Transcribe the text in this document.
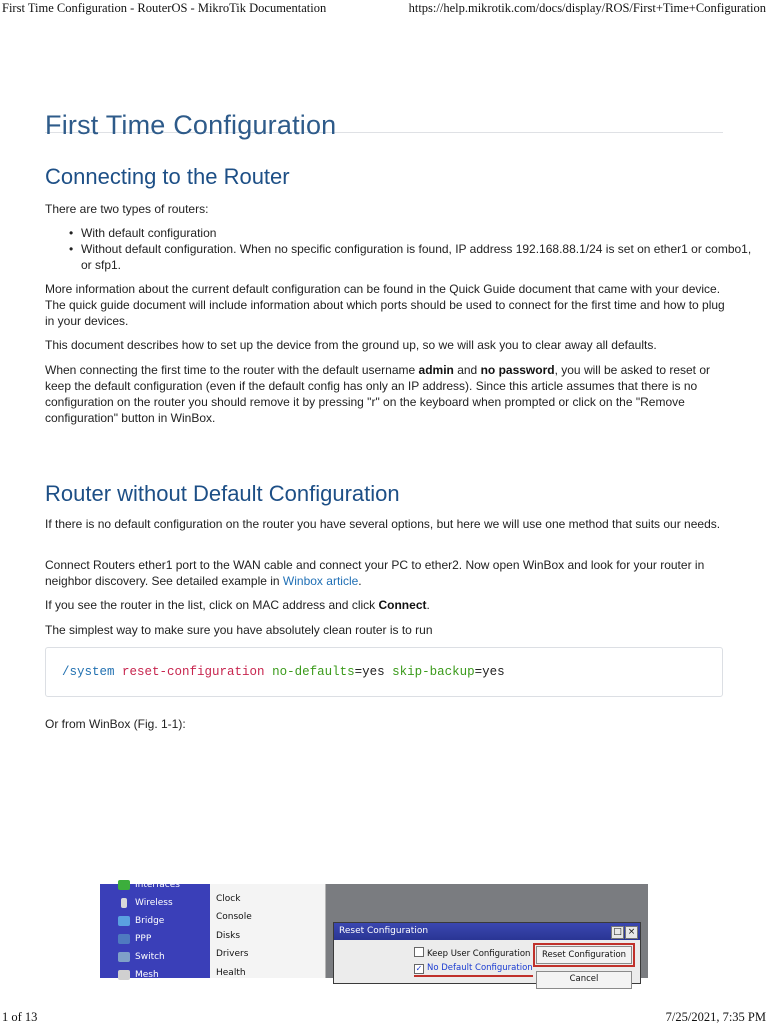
First Time Configuration - RouterOS - MikroTik Documentation	https://help.mikrotik.com/docs/display/ROS/First+Time+Configuration
First Time Configuration
Connecting to the Router

There are two types of routers:

• With default configuration
• Without default configuration. When no specific configuration is found, IP address 192.168.88.1/24 is set on ether1 or combo1, or sfp1.

More information about the current default configuration can be found in the Quick Guide document that came with your device. The quick guide document will include information about which ports should be used to connect for the first time and how to plug in your devices.

This document describes how to set up the device from the ground up, so we will ask you to clear away all defaults.

When connecting the first time to the router with the default username admin and no password, you will be asked to reset or keep the default configuration (even if the default config has only an IP address). Since this article assumes that there is no configuration on the router you should remove it by pressing "r" on the keyboard when prompted or click on the "Remove configuration" button in WinBox.

Router without Default Configuration

If there is no default configuration on the router you have several options, but here we will use one method that suits our needs.

Connect Routers ether1 port to the WAN cable and connect your PC to ether2. Now open WinBox and look for your router in neighbor discovery. See detailed example in Winbox article.

If you see the router in the list, click on MAC address and click Connect.

The simplest way to make sure you have absolutely clean router is to run

/system reset-configuration no-defaults=yes skip-backup=yes

Or from WinBox (Fig. 1-1):

Interfaces
Wireless
Bridge
PPP
Switch
Mesh
Clock
Console
Disks
Drivers
Health
Reset Configuration	□ ×
Keep User Configuration
✓ No Default Configuration
Reset Configuration
Cancel
1 of 13	7/25/2021, 7:35 PM
